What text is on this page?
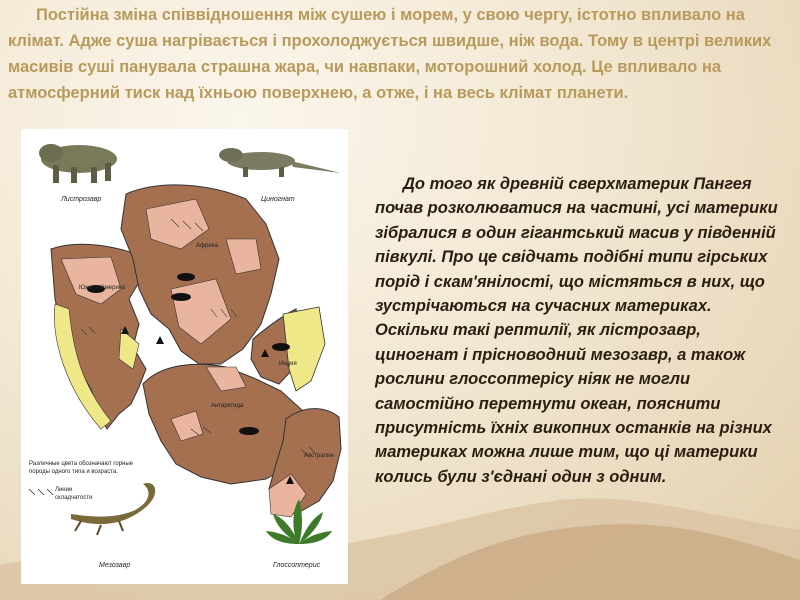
Постійна зміна співвідношення між сушею і морем, у свою чергу, істотно впливало на клімат. Адже суша нагрівається і прохолоджується швидше, ніж вода. Тому в центрі великих масивів суші панувала страшна жара, чи навпаки, моторошний холод. Це впливало на атмосферний тиск над їхньою поверхнею, а отже, і на весь клімат планети.

Листрозавр	Циногнат
Африка
Южная Америка
Индия
Антарктида
Австралия
Различные цвета обозначают горные
породы одного типа и возраста.
Линии
складчатости
Мезозавр	Глоссоптерис

До того як древній сверхматерик Пангея почав розколюватися на частині, усі материки зібралися в один гігантський масив у південній півкулі. Про це свідчать подібні типи гірських порід і скам'янілості, що містяться в них, що зустрічаються на сучасних материках. Оскільки такі рептилії, як лістрозавр, циногнат і прісноводний мезозавр, а також рослини глоссоптерісу ніяк не могли самостійно перетнути океан, пояснити присутність їхніх викопних останків на різних материках можна лише тим, що ці материки колись були з'єднані один з одним.
